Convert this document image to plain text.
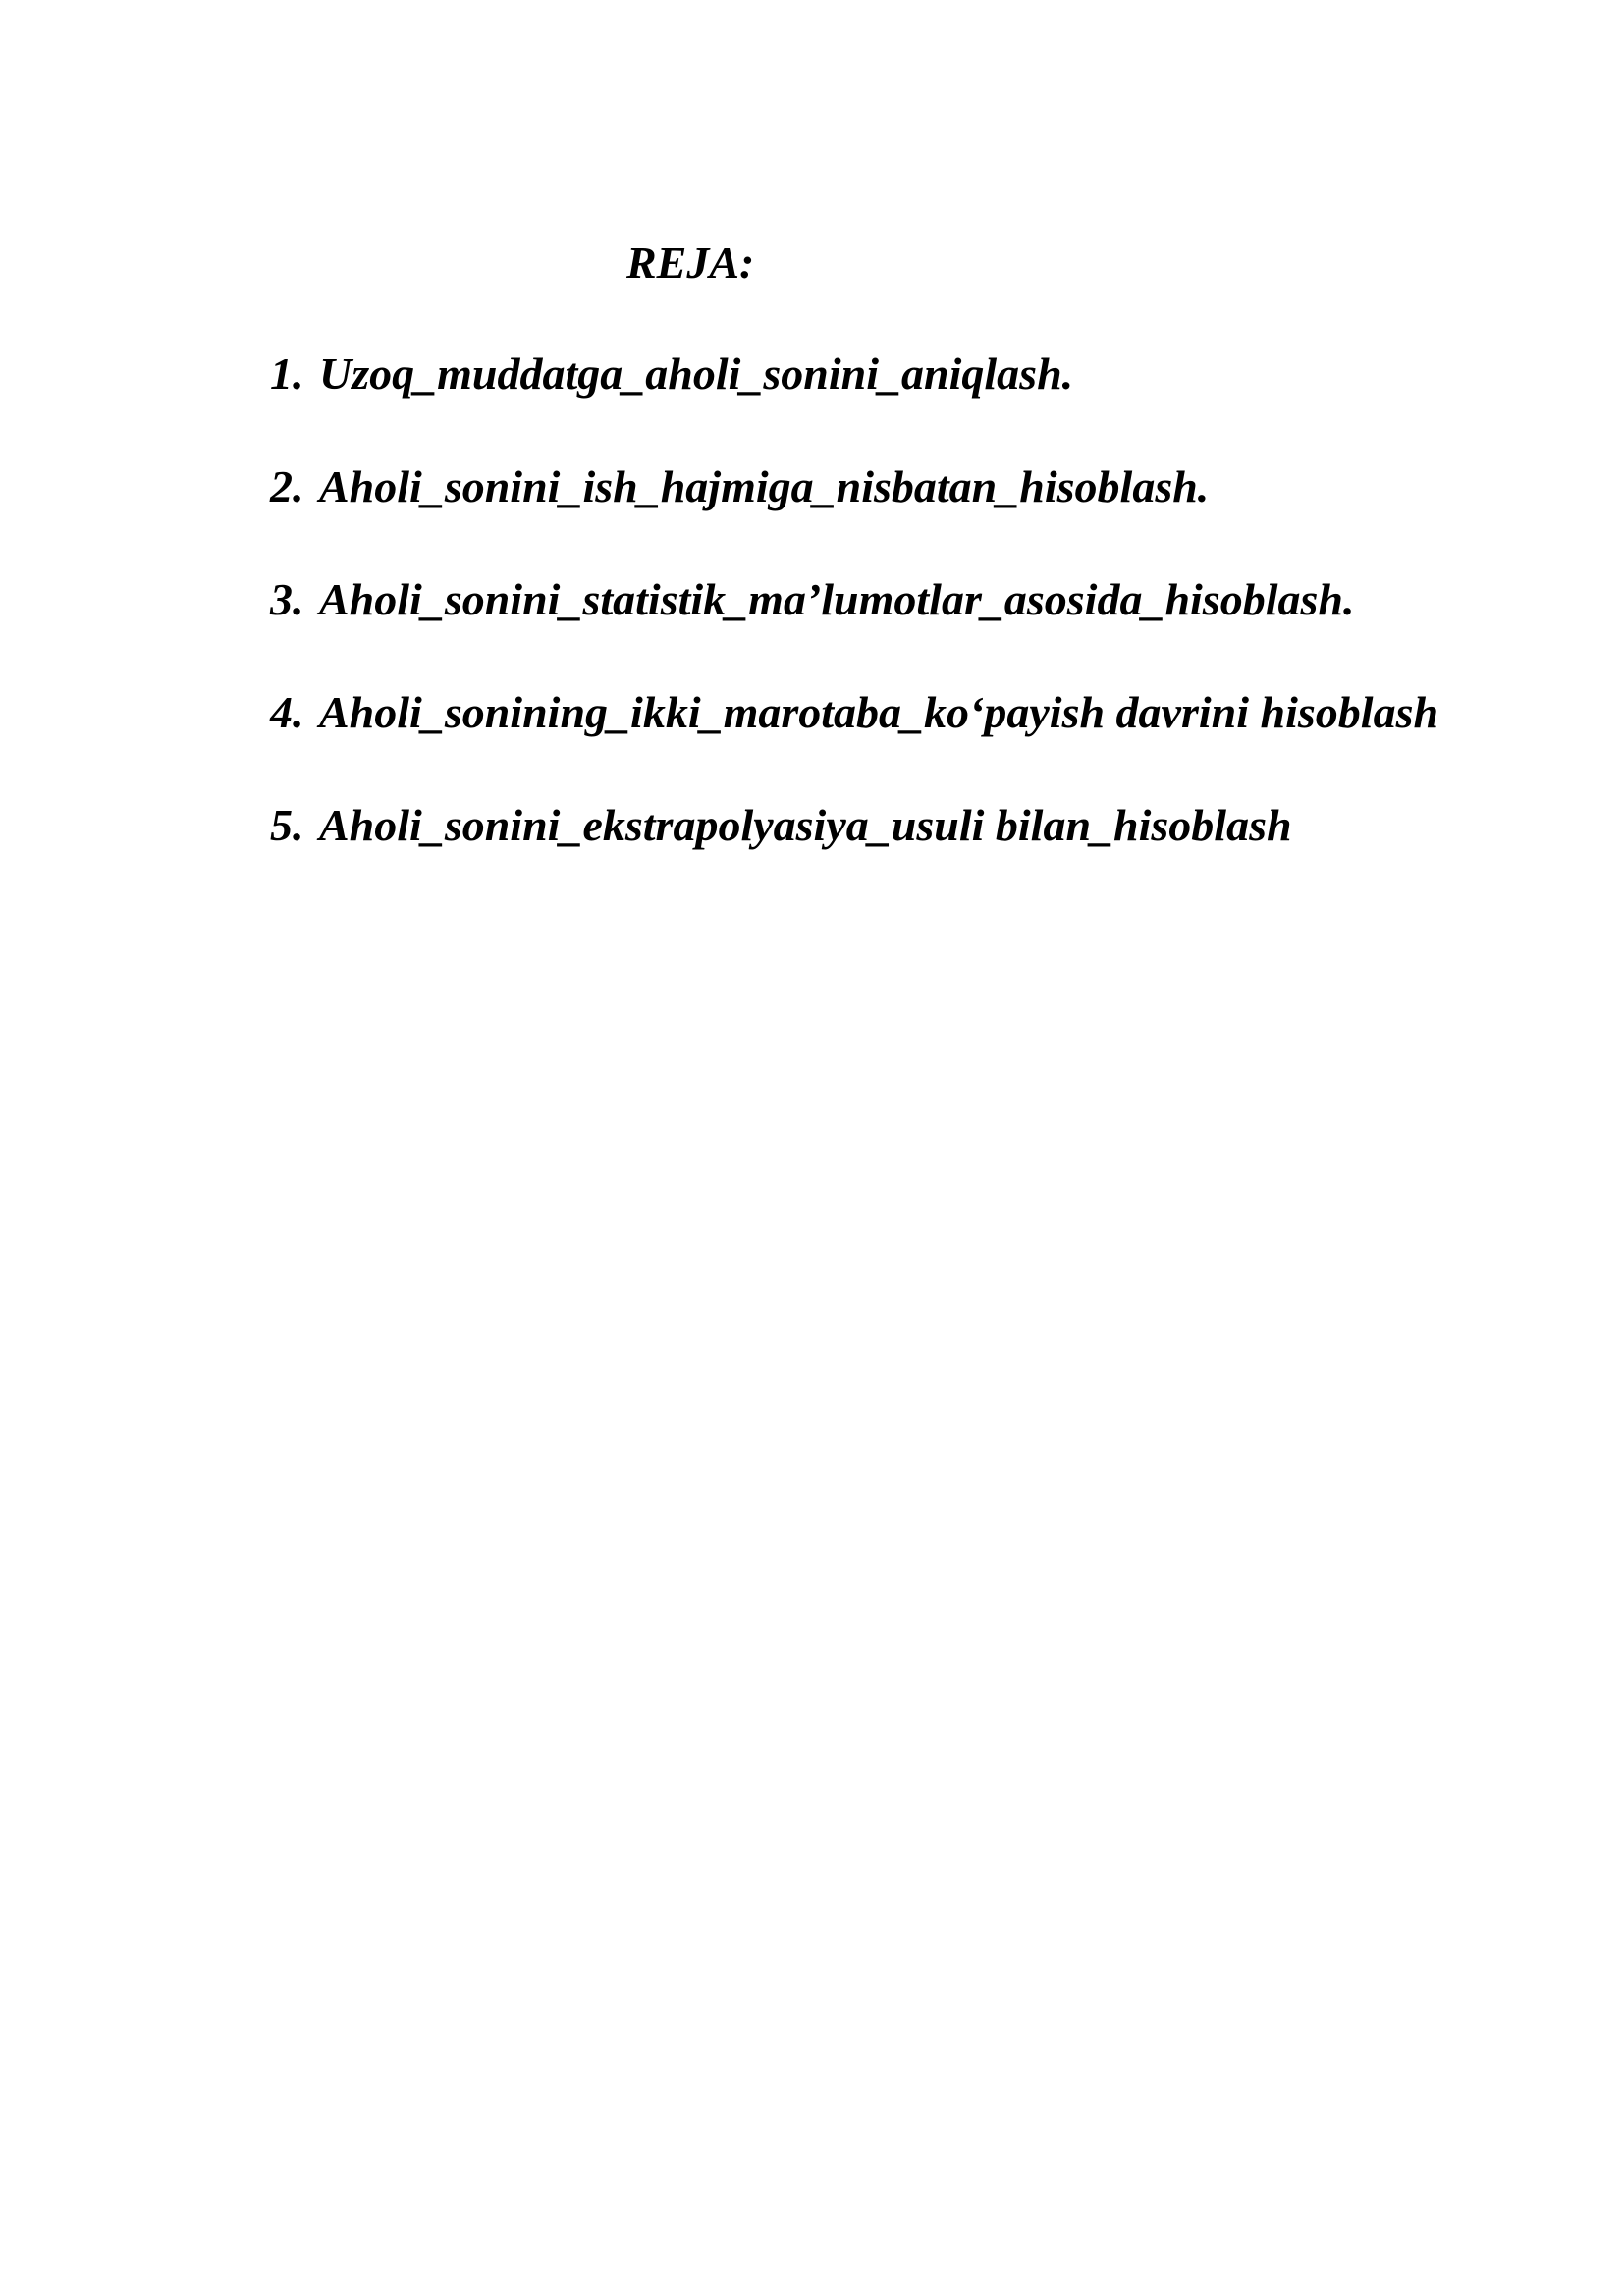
REJA:
1. Uzoq_muddatga_aholi_sonini_aniqlash.
2. Aholi_sonini_ish_hajmiga_nisbatan_hisoblash.
3. Aholi_sonini_statistik_ma’lumotlar_asosida_hisoblash.
4. Aholi_sonining_ikki_marotaba_ko‘payish davrini hisoblash
5. Aholi_sonini_ekstrapolyasiya_usuli bilan_hisoblash
